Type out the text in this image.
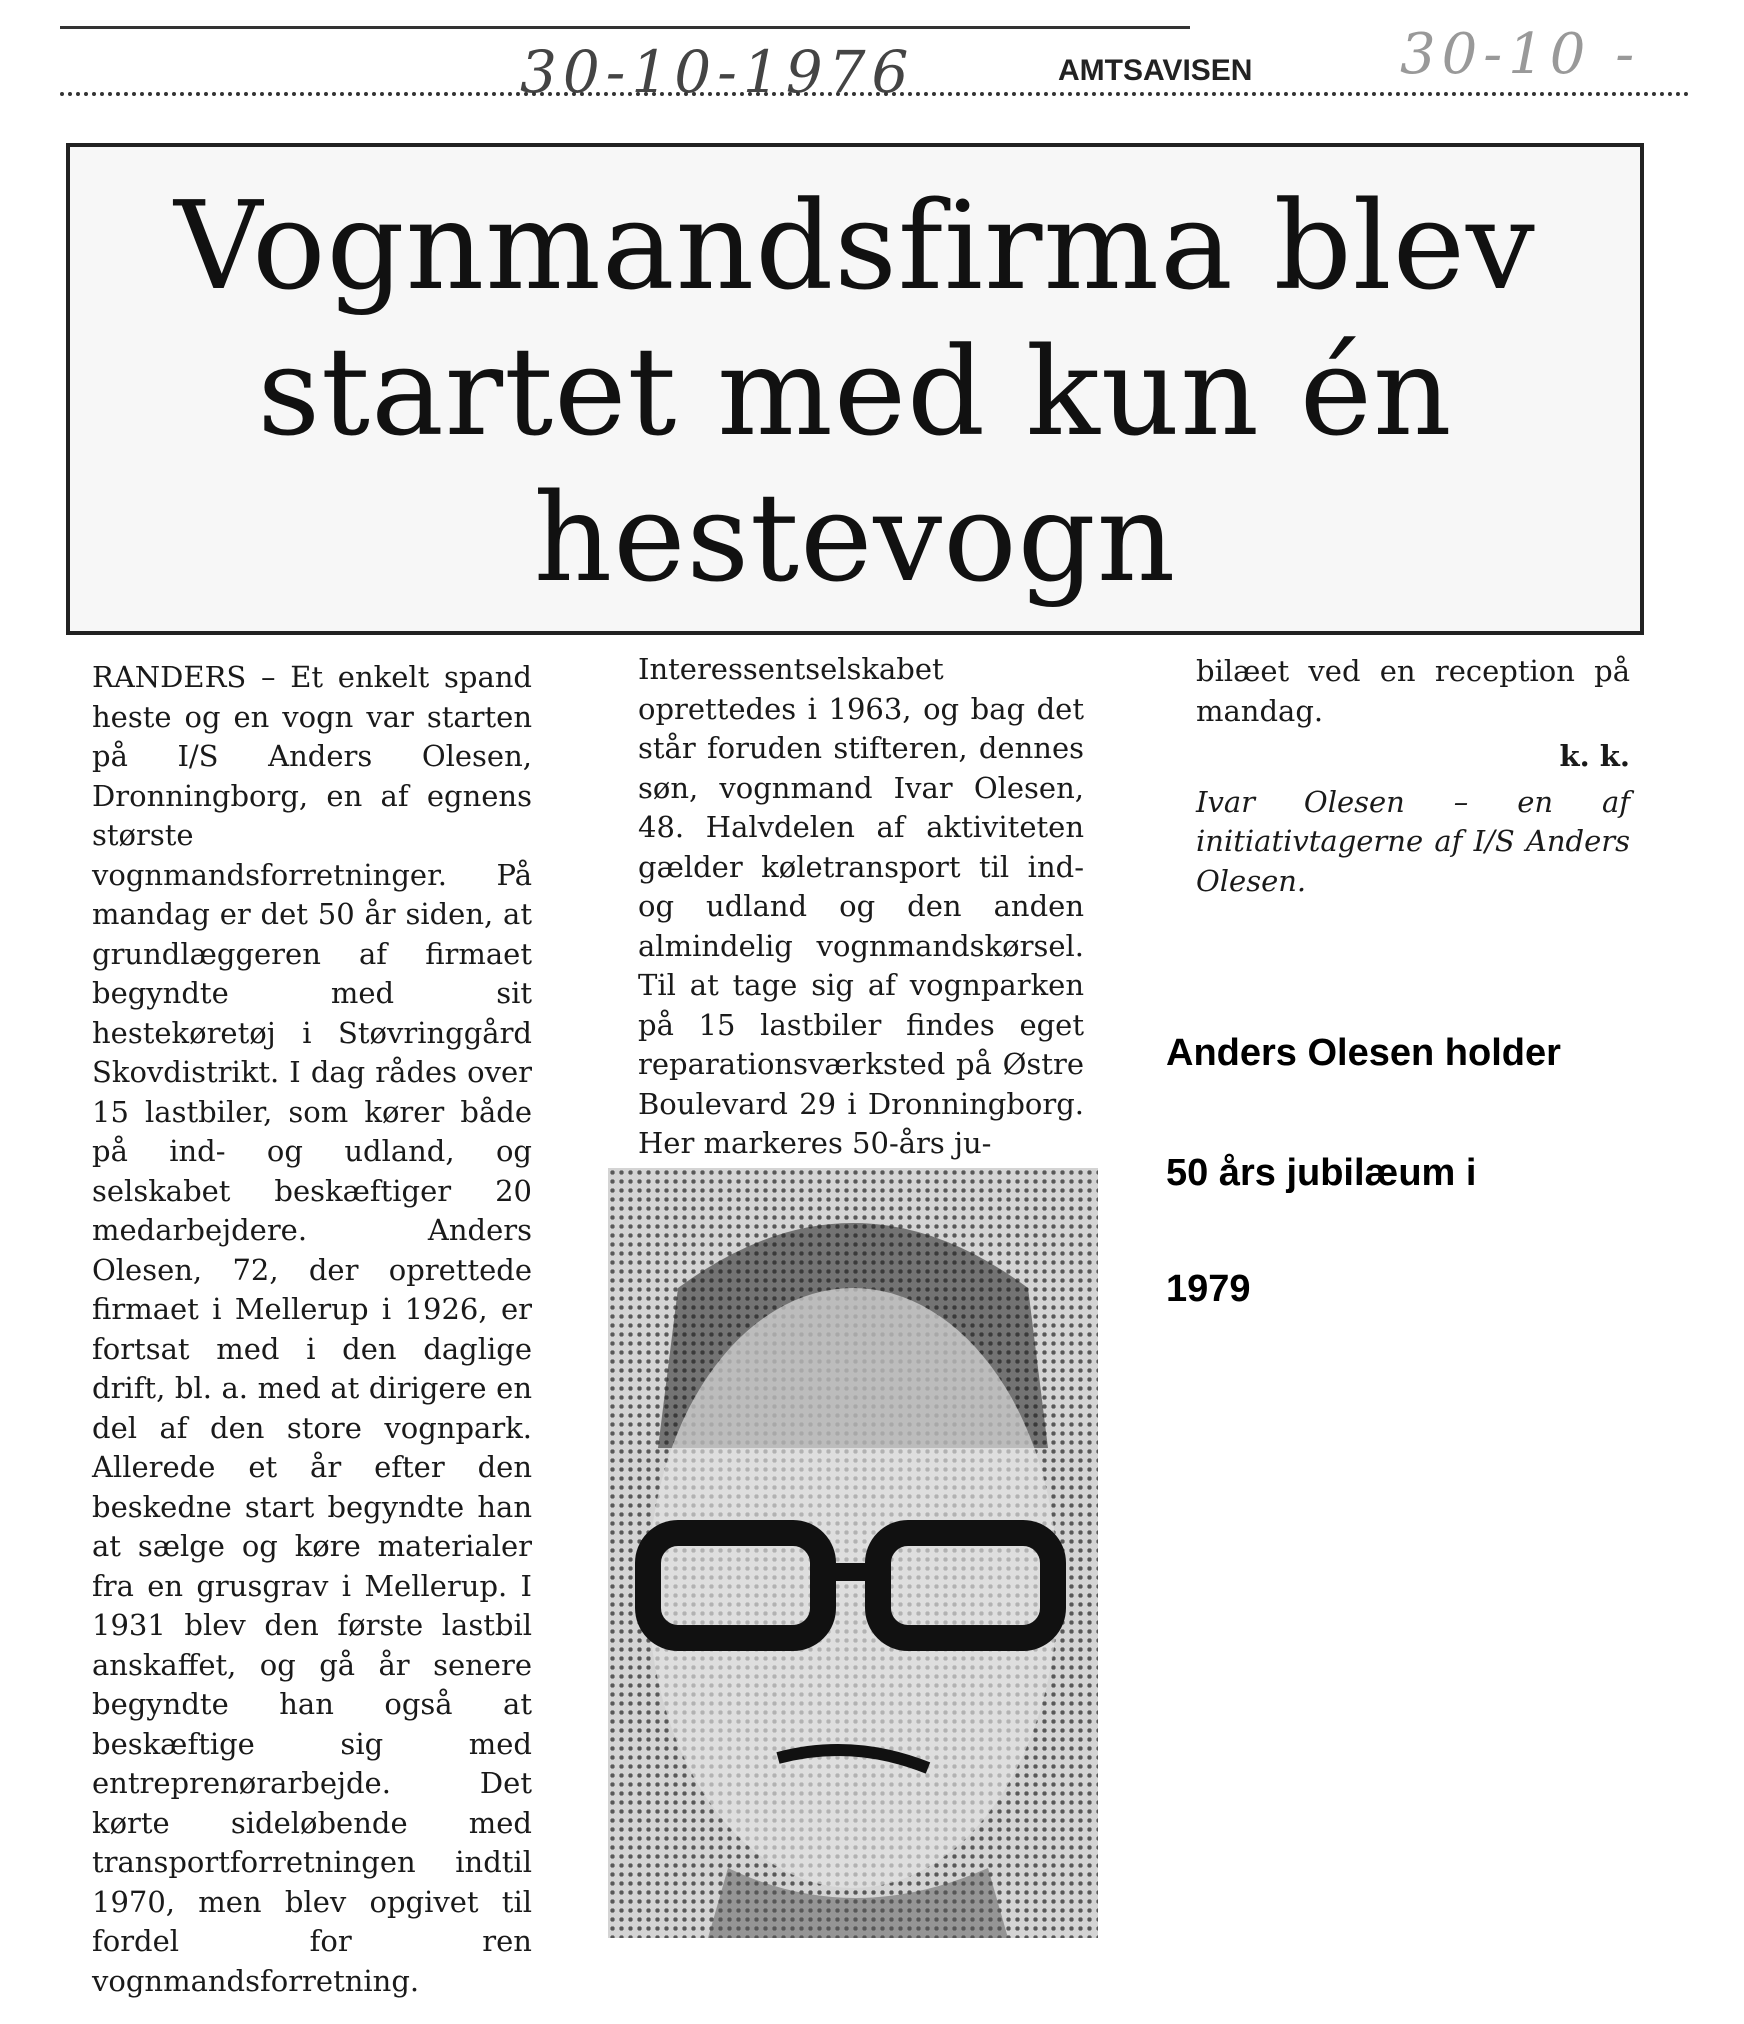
30-10-1976	AMTSAVISEN	30-10 -
Vognmandsfirma blev startet med kun én hestevogn
RANDERS – Et enkelt spand heste og en vogn var starten på I/S Anders Olesen, Dronningborg, en af egnens største vognmandsforretninger. På mandag er det 50 år siden, at grundlæggeren af firmaet begyndte med sit hestekøretøj i Støvringgård Skovdistrikt. I dag rådes over 15 lastbiler, som kører både på ind- og udland, og selskabet beskæftiger 20 medarbejdere. Anders Olesen, 72, der oprettede firmaet i Mellerup i 1926, er fortsat med i den daglige drift, bl. a. med at dirigere en del af den store vognpark. Allerede et år efter den beskedne start begyndte han at sælge og køre materialer fra en grusgrav i Mellerup. I 1931 blev den første lastbil anskaffet, og gå år senere begyndte han også at beskæftige sig med entreprenørarbejde. Det kørte sideløbende med transportforretningen indtil 1970, men blev opgivet til fordel for ren vognmandsforretning.
Interessentselskabet oprettedes i 1963, og bag det står foruden stifteren, dennes søn, vognmand Ivar Olesen, 48. Halvdelen af aktiviteten gælder køletransport til ind- og udland og den anden almindelig vognmandskørsel. Til at tage sig af vognparken på 15 lastbiler findes eget reparationsværksted på Østre Boulevard 29 i Dronningborg. Her markeres 50-års ju-
bilæet ved en reception på mandag.
k. k.
Ivar Olesen – en af initiativtagerne af I/S Anders Olesen.
Anders Olesen holder
50 års jubilæum i
1979
